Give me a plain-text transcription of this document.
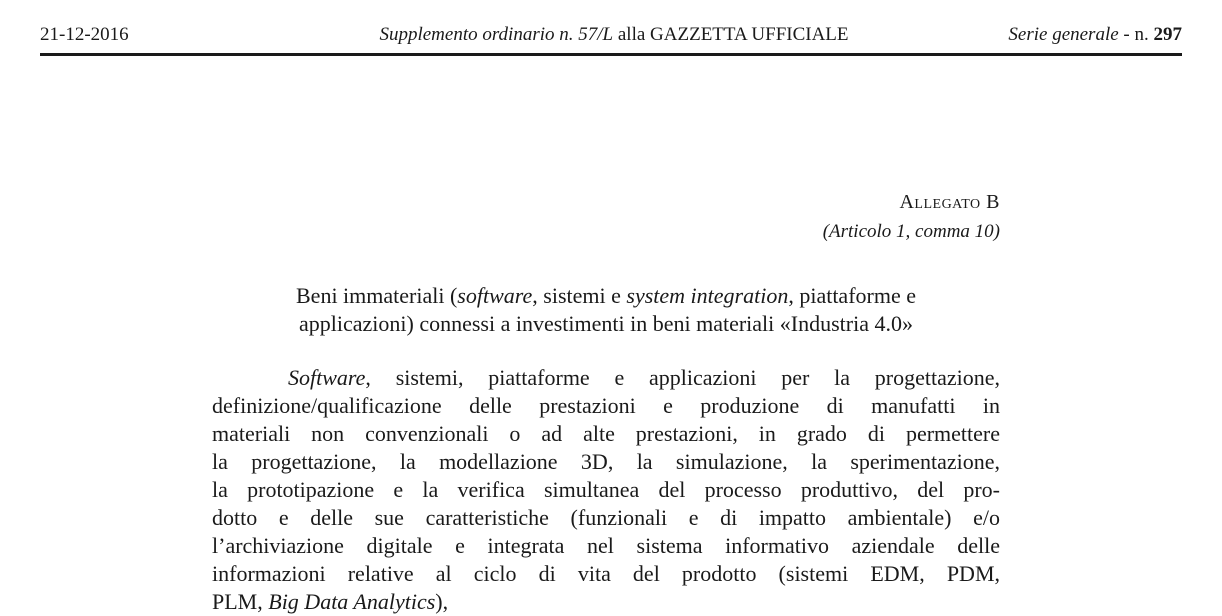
21-12-2016	Supplemento ordinario n. 57/L alla GAZZETTA UFFICIALE	Serie generale - n. 297
Allegato B
(Articolo 1, comma 10)
Beni immateriali (software, sistemi e system integration, piattaforme e
applicazioni) connessi a investimenti in beni materiali «Industria 4.0»
Software, sistemi, piattaforme e applicazioni per la progettazione,
definizione/qualificazione delle prestazioni e produzione di manufatti in
materiali non convenzionali o ad alte prestazioni, in grado di permettere
la progettazione, la modellazione 3D, la simulazione, la sperimentazione,
la prototipazione e la verifica simultanea del processo produttivo, del pro-
dotto e delle sue caratteristiche (funzionali e di impatto ambientale) e/o
l’archiviazione digitale e integrata nel sistema informativo aziendale delle
informazioni relative al ciclo di vita del prodotto (sistemi EDM, PDM,
PLM, Big Data Analytics),
